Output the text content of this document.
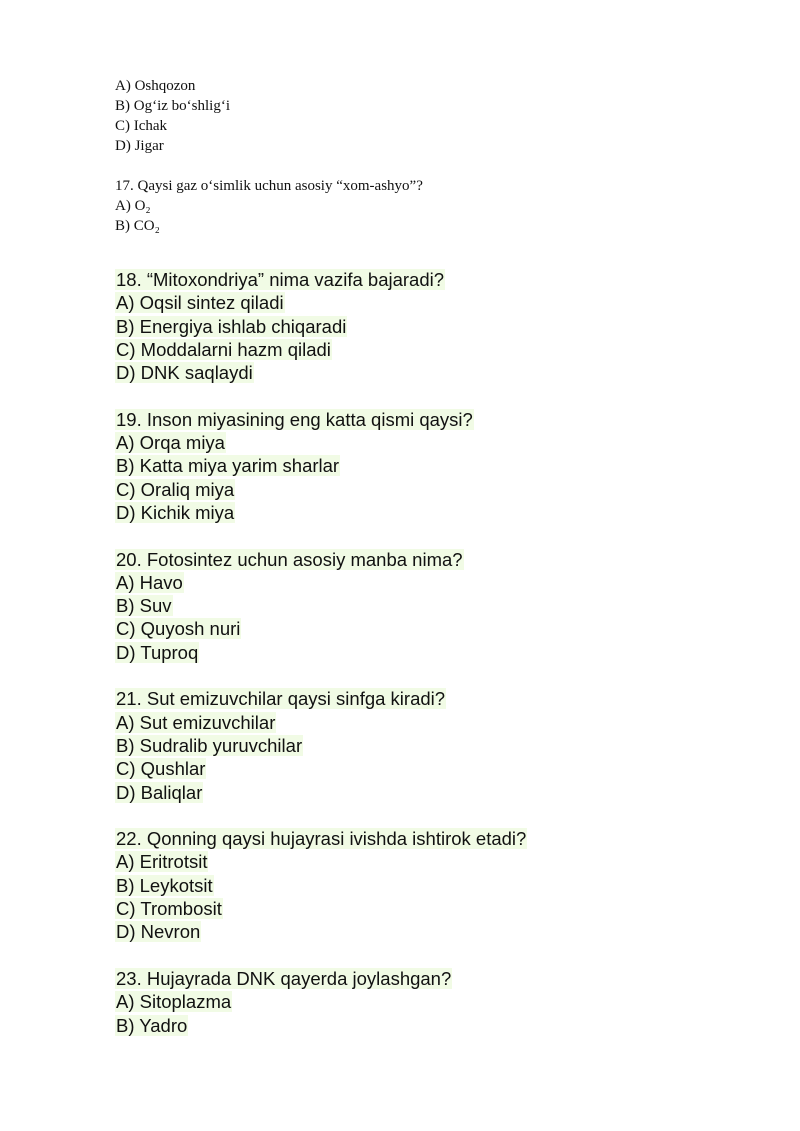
A) Oshqozon
B) Og‘iz bo‘shlig‘i
C) Ichak
D) Jigar
17. Qaysi gaz o‘simlik uchun asosiy “xom-ashyo”?
A) O₂
B) CO₂
18. “Mitoxondriya” nima vazifa bajaradi?
A) Oqsil sintez qiladi
B) Energiya ishlab chiqaradi
C) Moddalarni hazm qiladi
D) DNK saqlaydi
19. Inson miyasining eng katta qismi qaysi?
A) Orqa miya
B) Katta miya yarim sharlar
C) Oraliq miya
D) Kichik miya
20. Fotosintez uchun asosiy manba nima?
A) Havo
B) Suv
C) Quyosh nuri
D) Tuproq
21. Sut emizuvchilar qaysi sinfga kiradi?
A) Sut emizuvchilar
B) Sudralib yuruvchilar
C) Qushlar
D) Baliqlar
22. Qonning qaysi hujayrasi ivishda ishtirok etadi?
A) Eritrotsit
B) Leykotsit
C) Trombosit
D) Nevron
23. Hujayrada DNK qayerda joylashgan?
A) Sitoplazma
B) Yadro
